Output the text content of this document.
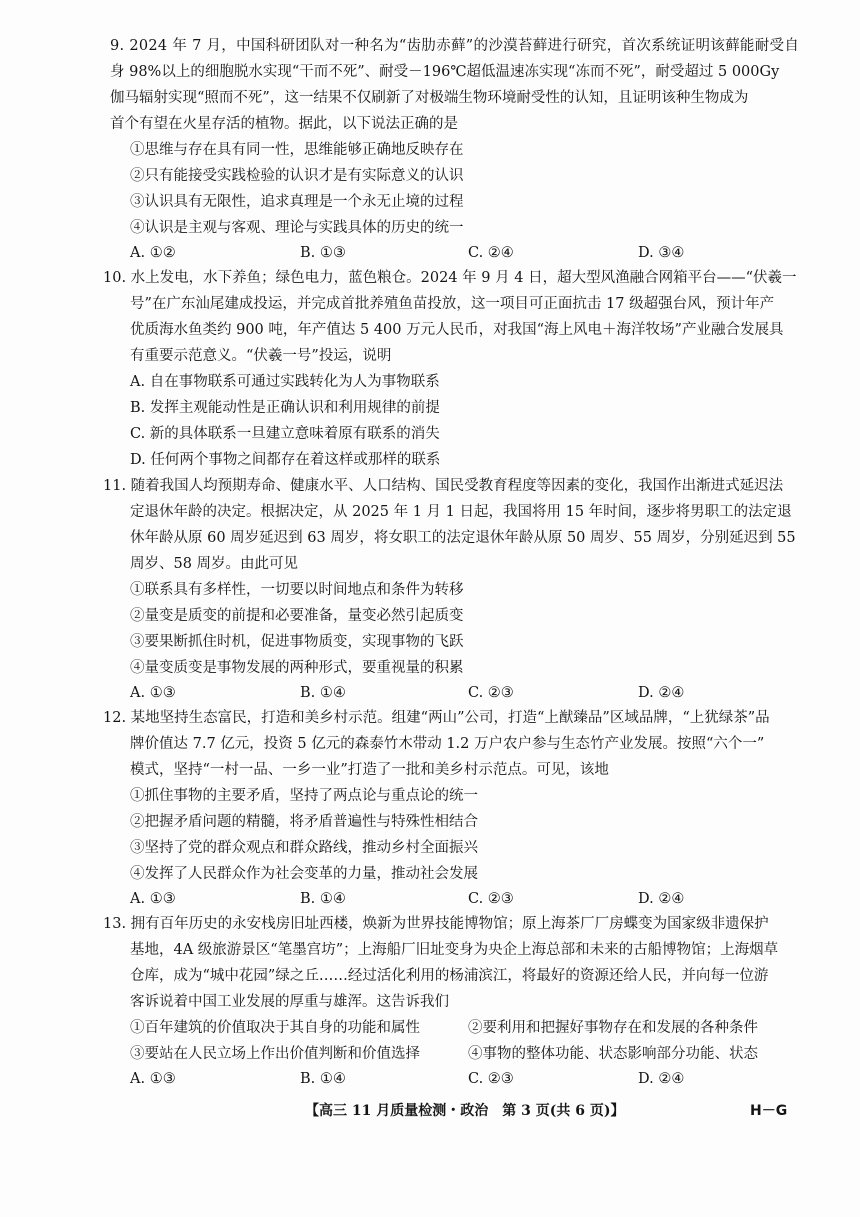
9. 2024 年 7 月，中国科研团队对一种名为“齿肋赤藓”的沙漠苔藓进行研究，首次系统证明该藓能耐受自
身 98%以上的细胞脱水实现“干而不死”、耐受－196℃超低温速冻实现“冻而不死”，耐受超过 5 000Gy
伽马辐射实现“照而不死”，这一结果不仅刷新了对极端生物环境耐受性的认知，且证明该种生物成为
首个有望在火星存活的植物。据此，以下说法正确的是
①思维与存在具有同一性，思维能够正确地反映存在
②只有能接受实践检验的认识才是有实际意义的认识
③认识具有无限性，追求真理是一个永无止境的过程
④认识是主观与客观、理论与实践具体的历史的统一
A. ①②	B. ①③	C. ②④	D. ③④
10. 水上发电，水下养鱼；绿色电力，蓝色粮仓。2024 年 9 月 4 日，超大型风渔融合网箱平台——“伏羲一
号”在广东汕尾建成投运，并完成首批养殖鱼苗投放，这一项目可正面抗击 17 级超强台风，预计年产
优质海水鱼类约 900 吨，年产值达 5 400 万元人民币，对我国“海上风电＋海洋牧场”产业融合发展具
有重要示范意义。“伏羲一号”投运，说明
A. 自在事物联系可通过实践转化为人为事物联系
B. 发挥主观能动性是正确认识和利用规律的前提
C. 新的具体联系一旦建立意味着原有联系的消失
D. 任何两个事物之间都存在着这样或那样的联系
11. 随着我国人均预期寿命、健康水平、人口结构、国民受教育程度等因素的变化，我国作出渐进式延迟法
定退休年龄的决定。根据决定，从 2025 年 1 月 1 日起，我国将用 15 年时间，逐步将男职工的法定退
休年龄从原 60 周岁延迟到 63 周岁，将女职工的法定退休年龄从原 50 周岁、55 周岁，分别延迟到 55
周岁、58 周岁。由此可见
①联系具有多样性，一切要以时间地点和条件为转移
②量变是质变的前提和必要准备，量变必然引起质变
③要果断抓住时机，促进事物质变，实现事物的飞跃
④量变质变是事物发展的两种形式，要重视量的积累
A. ①③	B. ①④	C. ②③	D. ②④
12. 某地坚持生态富民，打造和美乡村示范。组建“两山”公司，打造“上猷臻品”区域品牌，“上犹绿茶”品
牌价值达 7.7 亿元，投资 5 亿元的森泰竹木带动 1.2 万户农户参与生态竹产业发展。按照“六个一”
模式，坚持“一村一品、一乡一业”打造了一批和美乡村示范点。可见，该地
①抓住事物的主要矛盾，坚持了两点论与重点论的统一
②把握矛盾问题的精髓，将矛盾普遍性与特殊性相结合
③坚持了党的群众观点和群众路线，推动乡村全面振兴
④发挥了人民群众作为社会变革的力量，推动社会发展
A. ①③	B. ①④	C. ②③	D. ②④
13. 拥有百年历史的永安栈房旧址西楼，焕新为世界技能博物馆；原上海茶厂厂房蝶变为国家级非遗保护
基地，4A 级旅游景区“笔墨宫坊”；上海船厂旧址变身为央企上海总部和未来的古船博物馆；上海烟草
仓库，成为“城中花园”绿之丘……经过活化利用的杨浦滨江，将最好的资源还给人民，并向每一位游
客诉说着中国工业发展的厚重与雄浑。这告诉我们
①百年建筑的价值取决于其自身的功能和属性	②要利用和把握好事物存在和发展的各种条件
③要站在人民立场上作出价值判断和价值选择	④事物的整体功能、状态影响部分功能、状态
A. ①③	B. ①④	C. ②③	D. ②④
【高三 11 月质量检测・政治　第 3 页(共 6 页)】	H－G
